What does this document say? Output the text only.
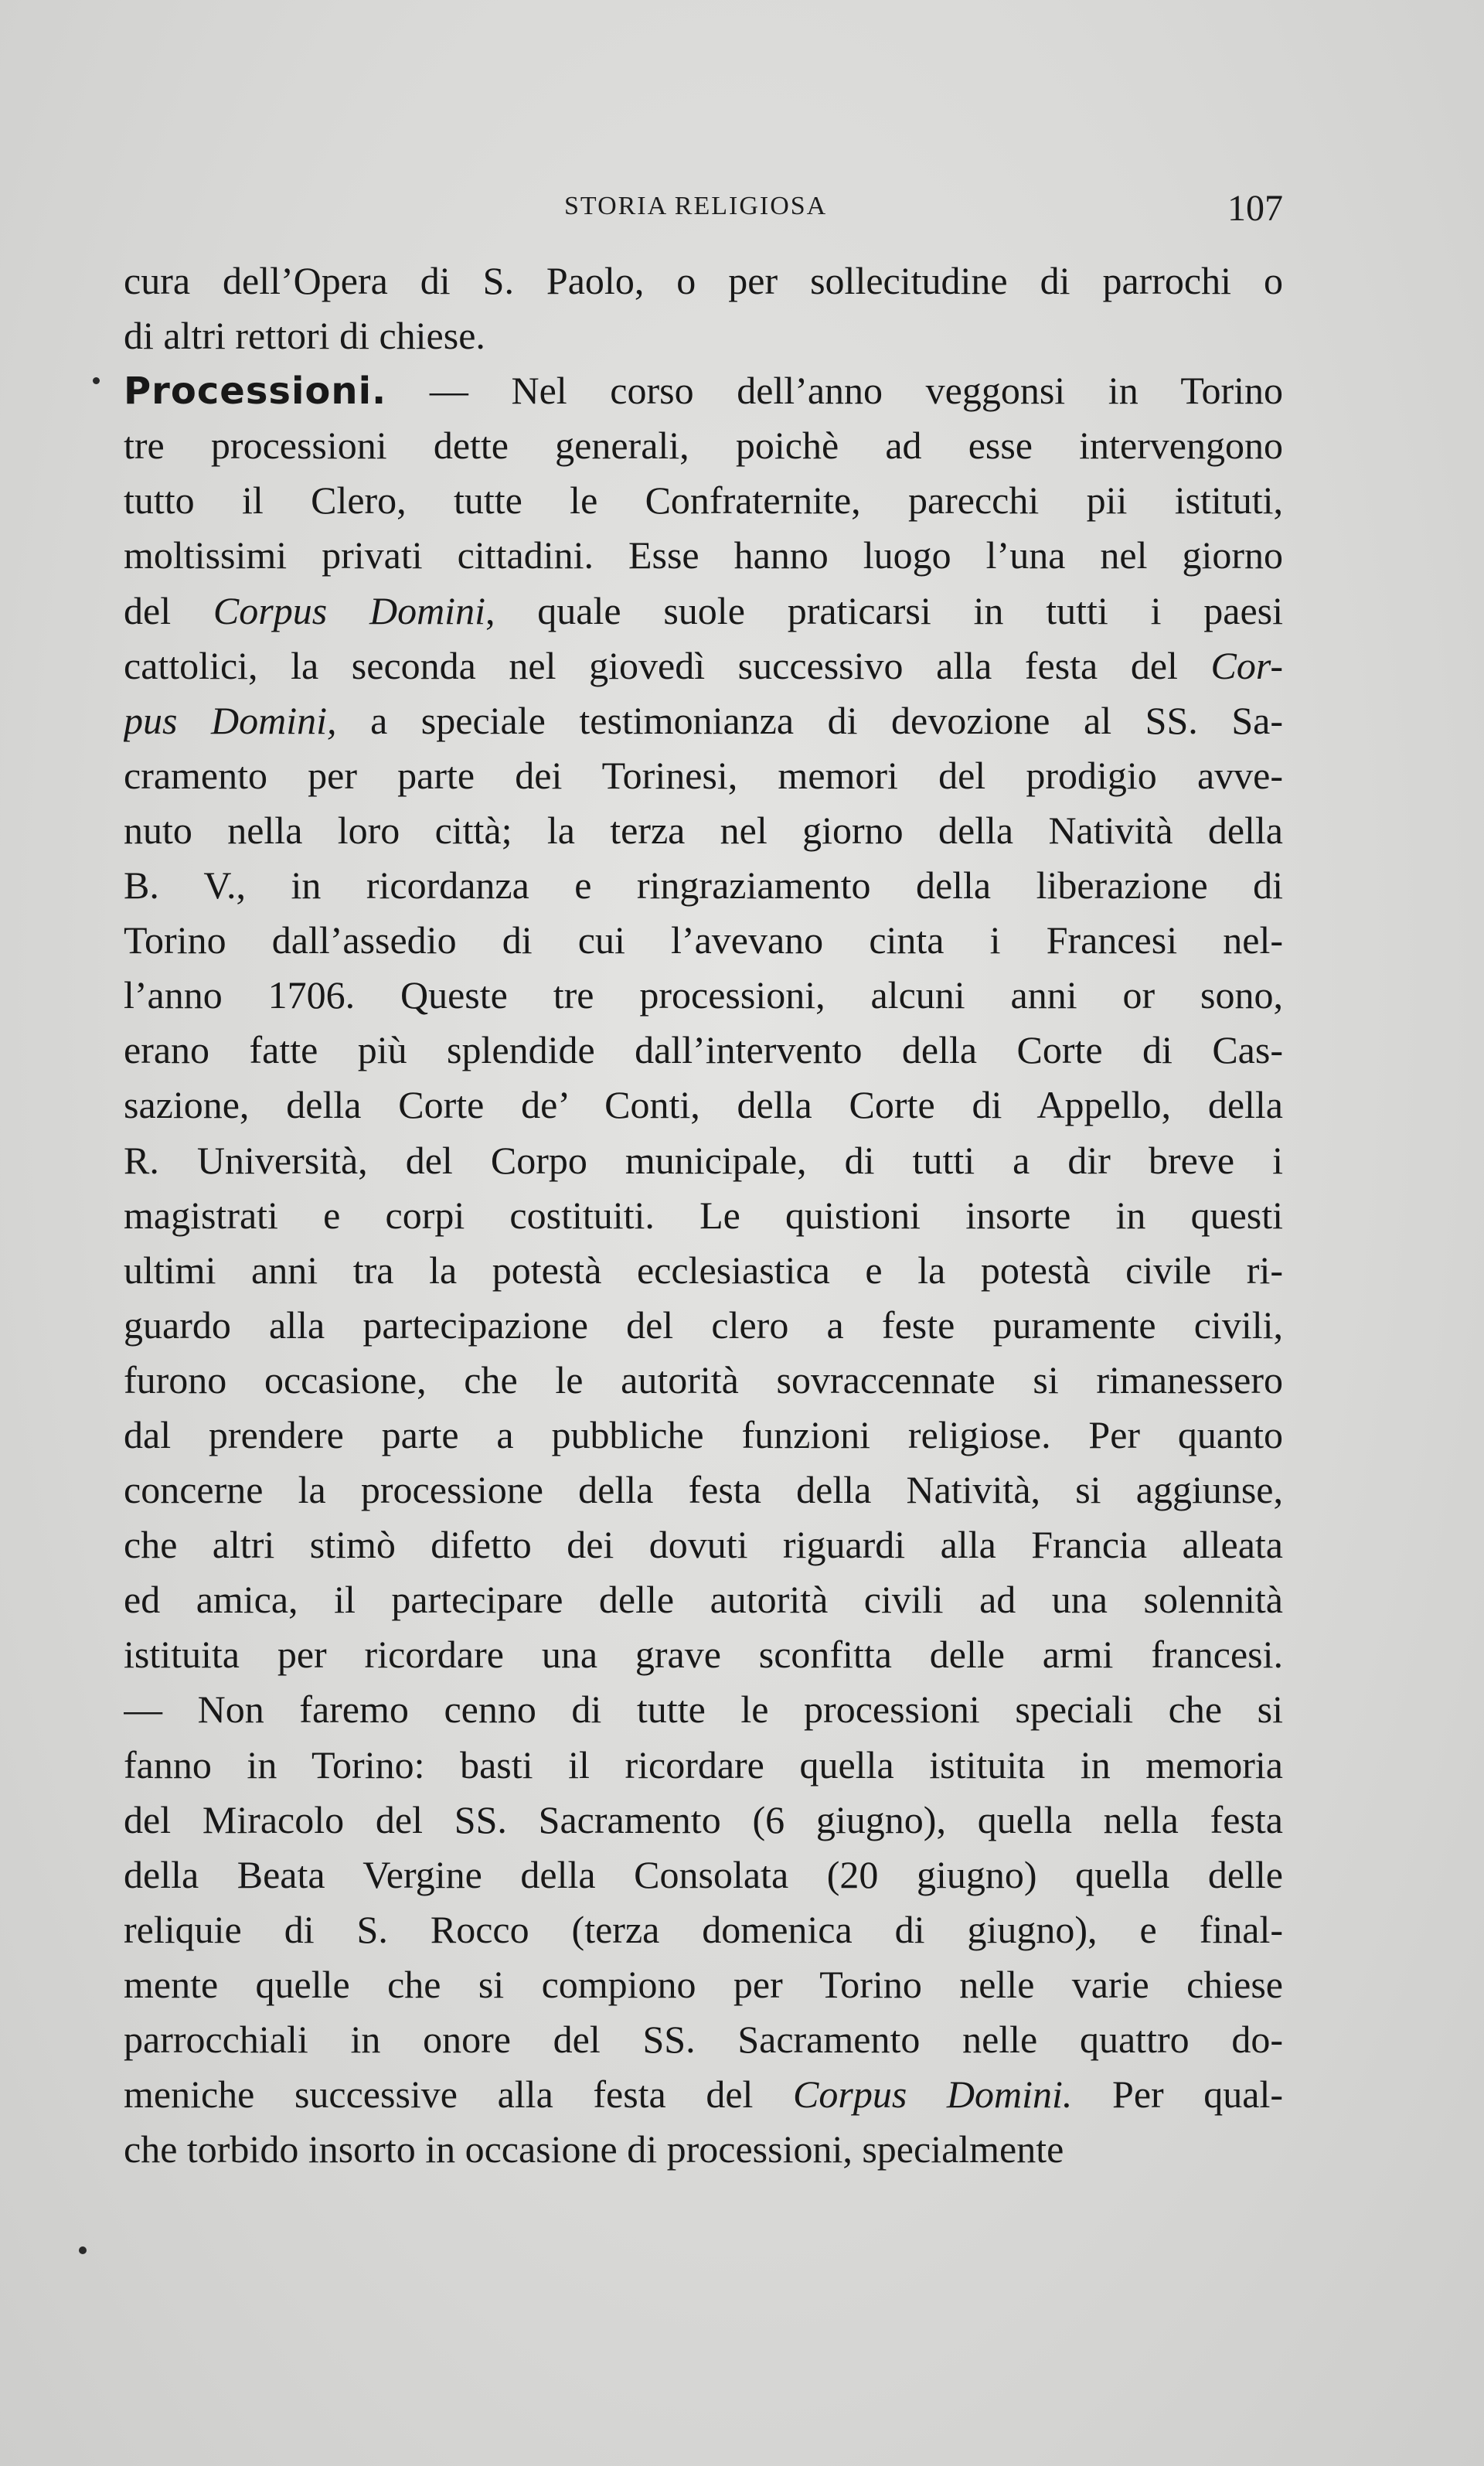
STORIA RELIGIOSA	107
cura dell’Opera di S. Paolo, o per sollecitudine di parrochi o
di altri rettori di chiese.
Processioni. — Nel corso dell’anno veggonsi in Torino
tre processioni dette generali, poichè ad esse intervengono
tutto il Clero, tutte le Confraternite, parecchi pii istituti,
moltissimi privati cittadini. Esse hanno luogo l’una nel giorno
del Corpus Domini, quale suole praticarsi in tutti i paesi
cattolici, la seconda nel giovedì successivo alla festa del Cor-
pus Domini, a speciale testimonianza di devozione al SS. Sa-
cramento per parte dei Torinesi, memori del prodigio avve-
nuto nella loro città; la terza nel giorno della Natività della
B. V., in ricordanza e ringraziamento della liberazione di
Torino dall’assedio di cui l’avevano cinta i Francesi nel-
l’anno 1706. Queste tre processioni, alcuni anni or sono,
erano fatte più splendide dall’intervento della Corte di Cas-
sazione, della Corte de’ Conti, della Corte di Appello, della
R. Università, del Corpo municipale, di tutti a dir breve i
magistrati e corpi costituiti. Le quistioni insorte in questi
ultimi anni tra la potestà ecclesiastica e la potestà civile ri-
guardo alla partecipazione del clero a feste puramente civili,
furono occasione, che le autorità sovraccennate si rimanessero
dal prendere parte a pubbliche funzioni religiose. Per quanto
concerne la processione della festa della Natività, si aggiunse,
che altri stimò difetto dei dovuti riguardi alla Francia alleata
ed amica, il partecipare delle autorità civili ad una solennità
istituita per ricordare una grave sconfitta delle armi francesi.
— Non faremo cenno di tutte le processioni speciali che si
fanno in Torino: basti il ricordare quella istituita in memoria
del Miracolo del SS. Sacramento (6 giugno), quella nella festa
della Beata Vergine della Consolata (20 giugno) quella delle
reliquie di S. Rocco (terza domenica di giugno), e final-
mente quelle che si compiono per Torino nelle varie chiese
parrocchiali in onore del SS. Sacramento nelle quattro do-
meniche successive alla festa del Corpus Domini. Per qual-
che torbido insorto in occasione di processioni, specialmente
